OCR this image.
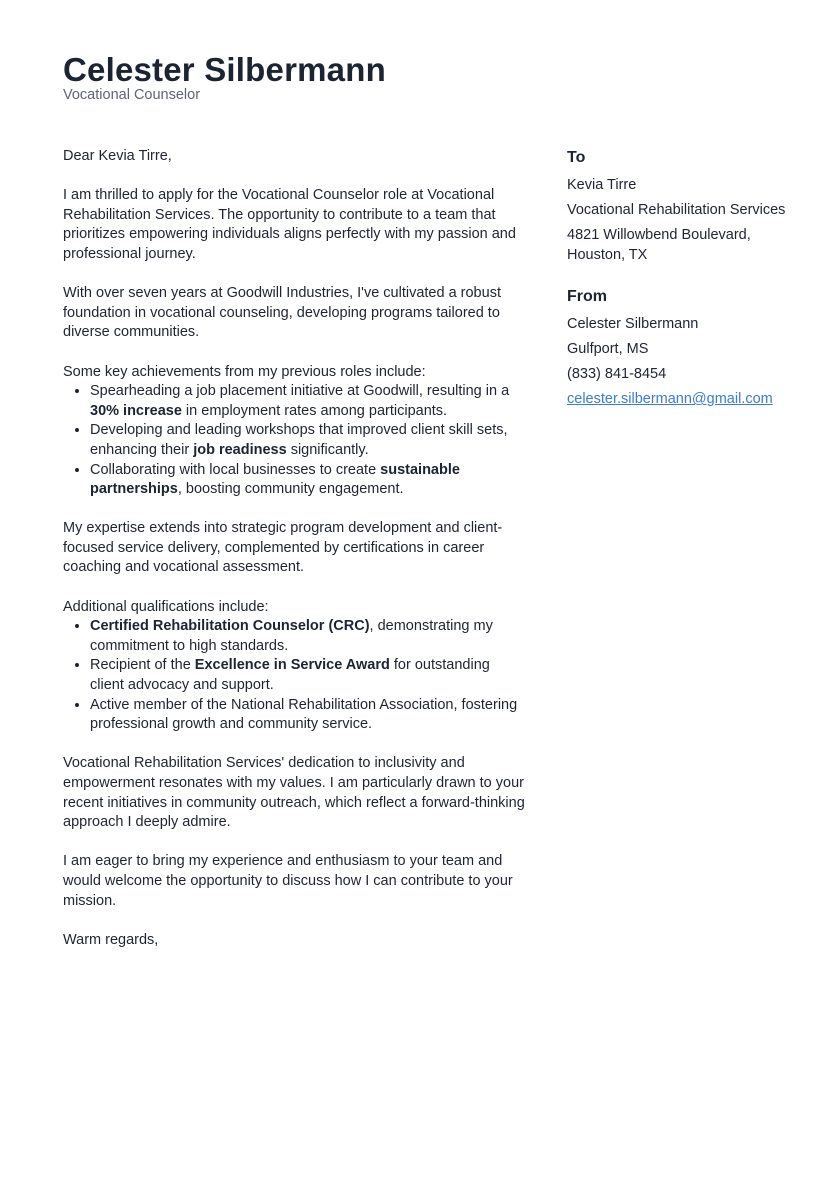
Celester Silbermann
Vocational Counselor

Dear Kevia Tirre,

I am thrilled to apply for the Vocational Counselor role at Vocational Rehabilitation Services. The opportunity to contribute to a team that prioritizes empowering individuals aligns perfectly with my passion and professional journey.

With over seven years at Goodwill Industries, I've cultivated a robust foundation in vocational counseling, developing programs tailored to diverse communities.

Some key achievements from my previous roles include:

• Spearheading a job placement initiative at Goodwill, resulting in a 30% increase in employment rates among participants.
• Developing and leading workshops that improved client skill sets, enhancing their job readiness significantly.
• Collaborating with local businesses to create sustainable partnerships, boosting community engagement.

My expertise extends into strategic program development and client-focused service delivery, complemented by certifications in career coaching and vocational assessment.

Additional qualifications include:

• Certified Rehabilitation Counselor (CRC), demonstrating my commitment to high standards.
• Recipient of the Excellence in Service Award for outstanding client advocacy and support.
• Active member of the National Rehabilitation Association, fostering professional growth and community service.

Vocational Rehabilitation Services' dedication to inclusivity and empowerment resonates with my values. I am particularly drawn to your recent initiatives in community outreach, which reflect a forward-thinking approach I deeply admire.

I am eager to bring my experience and enthusiasm to your team and would welcome the opportunity to discuss how I can contribute to your mission.

Warm regards,

To
Kevia Tirre
Vocational Rehabilitation Services
4821 Willowbend Boulevard,
Houston, TX
From
Celester Silbermann
Gulfport, MS
(833) 841-8454
celester.silbermann@gmail.com
